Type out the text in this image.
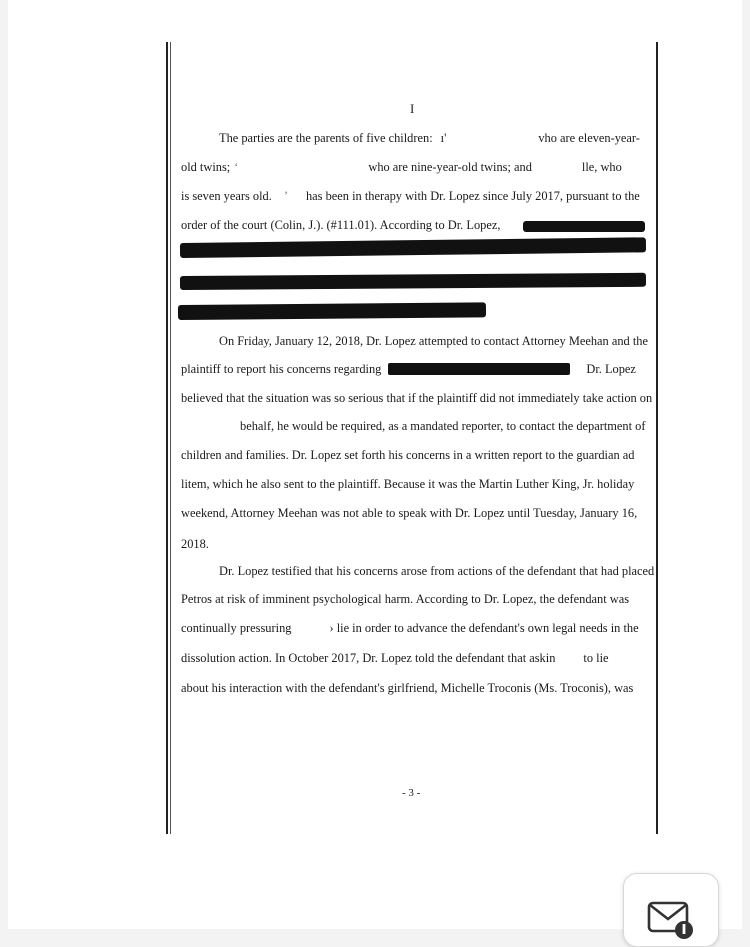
I
- 3 -
The parties are the parents of five children: ı'	vho are eleven-year-
old twins; ‘	who are nine-year-old twins; and	lle, who
is seven years old. ’ has been in therapy with Dr. Lopez since July 2017, pursuant to the
order of the court (Colin, J.). (#111.01). According to Dr. Lopez,
On Friday, January 12, 2018, Dr. Lopez attempted to contact Attorney Meehan and the
plaintiff to report his concerns regarding	Dr. Lopez
believed that the situation was so serious that if the plaintiff did not immediately take action on
behalf, he would be required, as a mandated reporter, to contact the department of
children and families. Dr. Lopez set forth his concerns in a written report to the guardian ad
litem, which he also sent to the plaintiff. Because it was the Martin Luther King, Jr. holiday
weekend, Attorney Meehan was not able to speak with Dr. Lopez until Tuesday, January 16,
2018.
Dr. Lopez testified that his concerns arose from actions of the defendant that had placed
Petros at risk of imminent psychological harm. According to Dr. Lopez, the defendant was
continually pressuring	› lie in order to advance the defendant's own legal needs in the
dissolution action. In October 2017, Dr. Lopez told the defendant that askin to lie
about his interaction with the defendant's girlfriend, Michelle Troconis (Ms. Troconis), was
